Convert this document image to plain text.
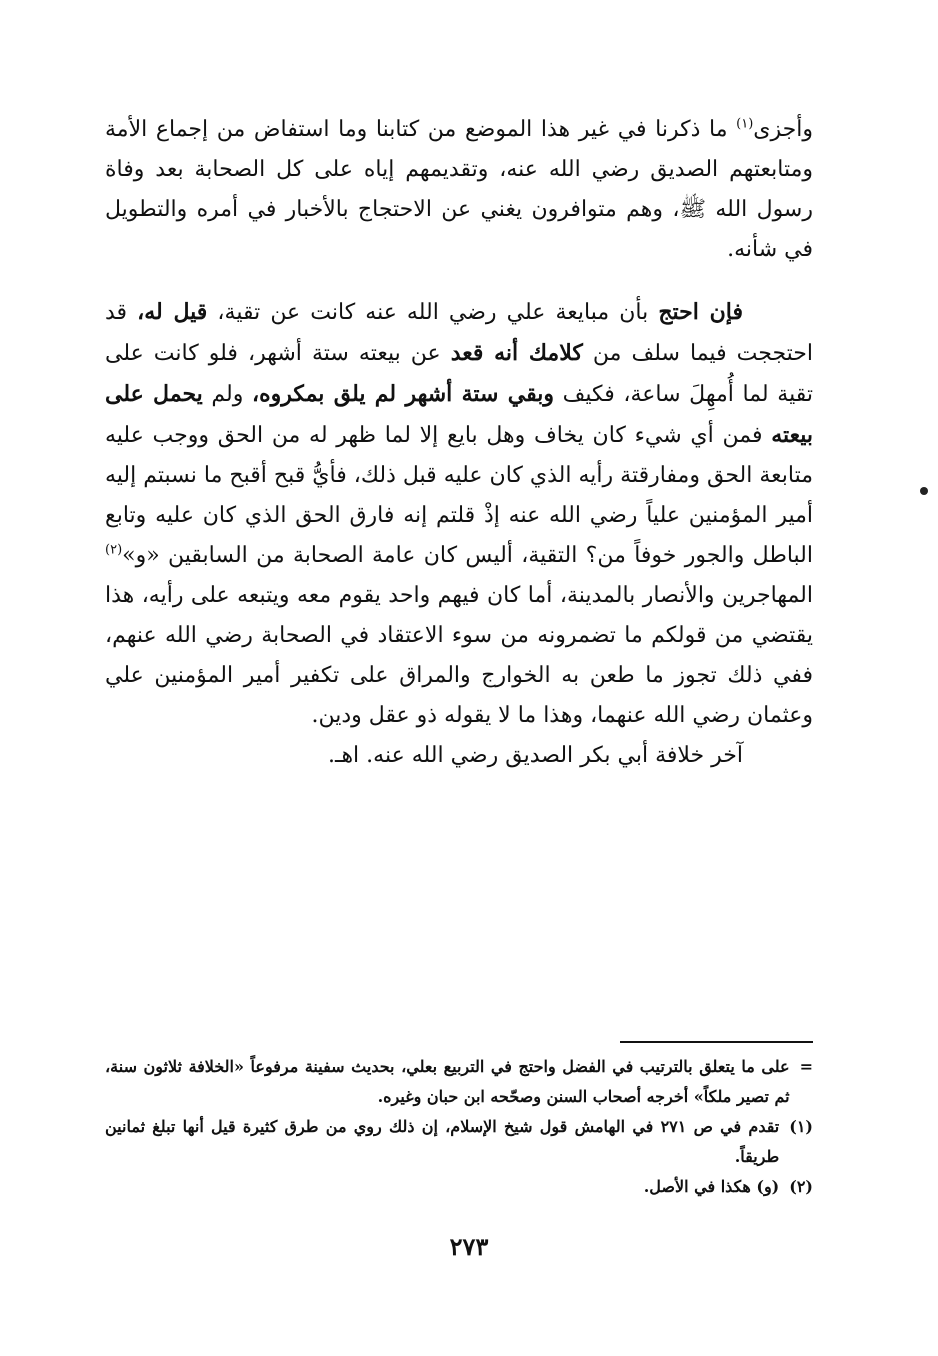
وأجزى$^{(١)}$ ما ذكرنا في غير هذا الموضع من كتابنا وما استفاض من إجماع الأمة ومتابعتهم الصديق رضي الله عنه، وتقديمهم إياه على كل الصحابة بعد وفاة رسول الله ﷺ، وهم متوافرون يغني عن الاحتجاج بالأخبار في أمره والتطويل في شأنه.

فإن احتج بأن مبايعة علي رضي الله عنه كانت عن تقية، قيل له، قد احتججت فيما سلف من كلامك أنه قعد عن بيعته ستة أشهر، فلو كانت على تقية لما أُمهِلَ ساعة، فكيف وبقي ستة أشهر لم يلق بمكروه، ولم يحمل على بيعته فمن أي شيء كان يخاف وهل بايع إلا لما ظهر له من الحق ووجب عليه متابعة الحق ومفارقتة رأيه الذي كان عليه قبل ذلك، فأيُّ قبح أقبح ما نسبتم إليه أمير المؤمنين علياً رضي الله عنه إذْ قلتم إنه فارق الحق الذي كان عليه وتابع الباطل والجور خوفاً من؟ التقية، أليس كان عامة الصحابة من السابقين «و»$^{(٢)}$ المهاجرين والأنصار بالمدينة، أما كان فيهم واحد يقوم معه ويتبعه على رأيه، هذا يقتضي من قولكم ما تضمرونه من سوء الاعتقاد في الصحابة رضي الله عنهم، ففي ذلك تجوز ما طعن به الخوارج والمراق على تكفير أمير المؤمنين علي وعثمان رضي الله عنهما، وهذا ما لا يقوله ذو عقل ودين.

آخر خلافة أبي بكر الصديق رضي الله عنه. اهـ.

=
على ما يتعلق بالترتيب في الفضل واحتج في التربيع بعلي، بحديث سفينة مرفوعاً «الخلافة ثلاثون سنة، ثم تصير ملكاً» أخرجه أصحاب السنن وصحّحه ابن حبان وغيره.

(١)
تقدم في ص ٢٧١ في الهامش قول شيخ الإسلام، إن ذلك روي من طرق كثيرة قيل أنها تبلغ ثمانين طريقاً.

(٢)
(و) هكذا في الأصل.

٢٧٣
